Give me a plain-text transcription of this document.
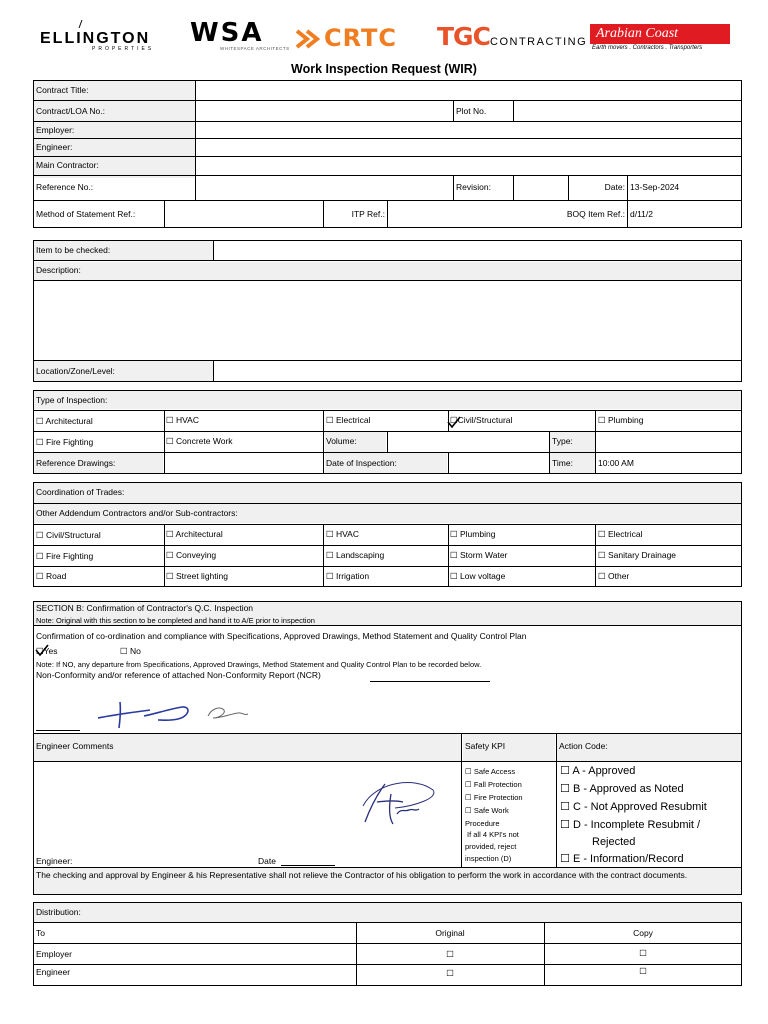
ELLINGTON
PROPERTIES
WSA
WHITESPACE ARCHITECTS CRTC TGC CONTRACTING
Arabian Coast
Earth movers . Contractors . Transporters
Work Inspection Request (WIR)
Contract Title:
Contract/LOA No.:	Plot No.
Employer:
Engineer:
Main Contractor:
Reference No.:	Revision:	Date: 13-Sep-2024
Method of Statement Ref.:	ITP Ref.:	BOQ Item Ref.: d/11/2
Item to be checked:
Description:
Location/Zone/Level:
Type of Inspection:
☐ Architectural	☐ HVAC	☐ Electrical	☐Civil/Structural	☐ Plumbing
☐ Fire Fighting	☐ Concrete Work	Volume:	Type:
Reference Drawings:	Date of Inspection:	Time:	10:00 AM
Coordination of Trades:
Other Addendum Contractors and/or Sub-contractors:
☐ Civil/Structural	☐ Architectural	☐ HVAC	☐ Plumbing	☐ Electrical
☐ Fire Fighting	☐ Conveying	☐ Landscaping	☐ Storm Water	☐ Sanitary Drainage
☐ Road	☐ Street lighting	☐ Irrigation	☐ Low voltage	☐ Other
SECTION B: Confirmation of Contractor's Q.C. Inspection
Note: Original with this section to be completed and hand it to A/E prior to inspection
Confirmation of co-ordination and compliance with Specifications, Approved Drawings, Method Statement and Quality Control Plan
☐Yes	☐ No
Note: If NO, any departure from Specifications, Approved Drawings, Method Statement and Quality Control Plan to be recorded below.
Non-Conformity and/or reference of attached Non-Conformity Report (NCR)
Engineer Comments	Safety KPI	Action Code:
Engineer:	Date
☐ Safe Access
☐ Fall Protection
☐ Fire Protection
☐ Safe Work
Procedure
If all 4 KPI's not
provided, reject
inspection (D)
☐ A - Approved
☐ B - Approved as Noted
☐ C - Not Approved Resubmit
☐ D - Incomplete Resubmit /
Rejected
☐ E - Information/Record
The checking and approval by Engineer & his Representative shall not relieve the Contractor of his obligation to perform the work in accordance with the contract documents.
Distribution:
To	Original	Copy
Employer	☐	☐
Engineer	☐	☐
